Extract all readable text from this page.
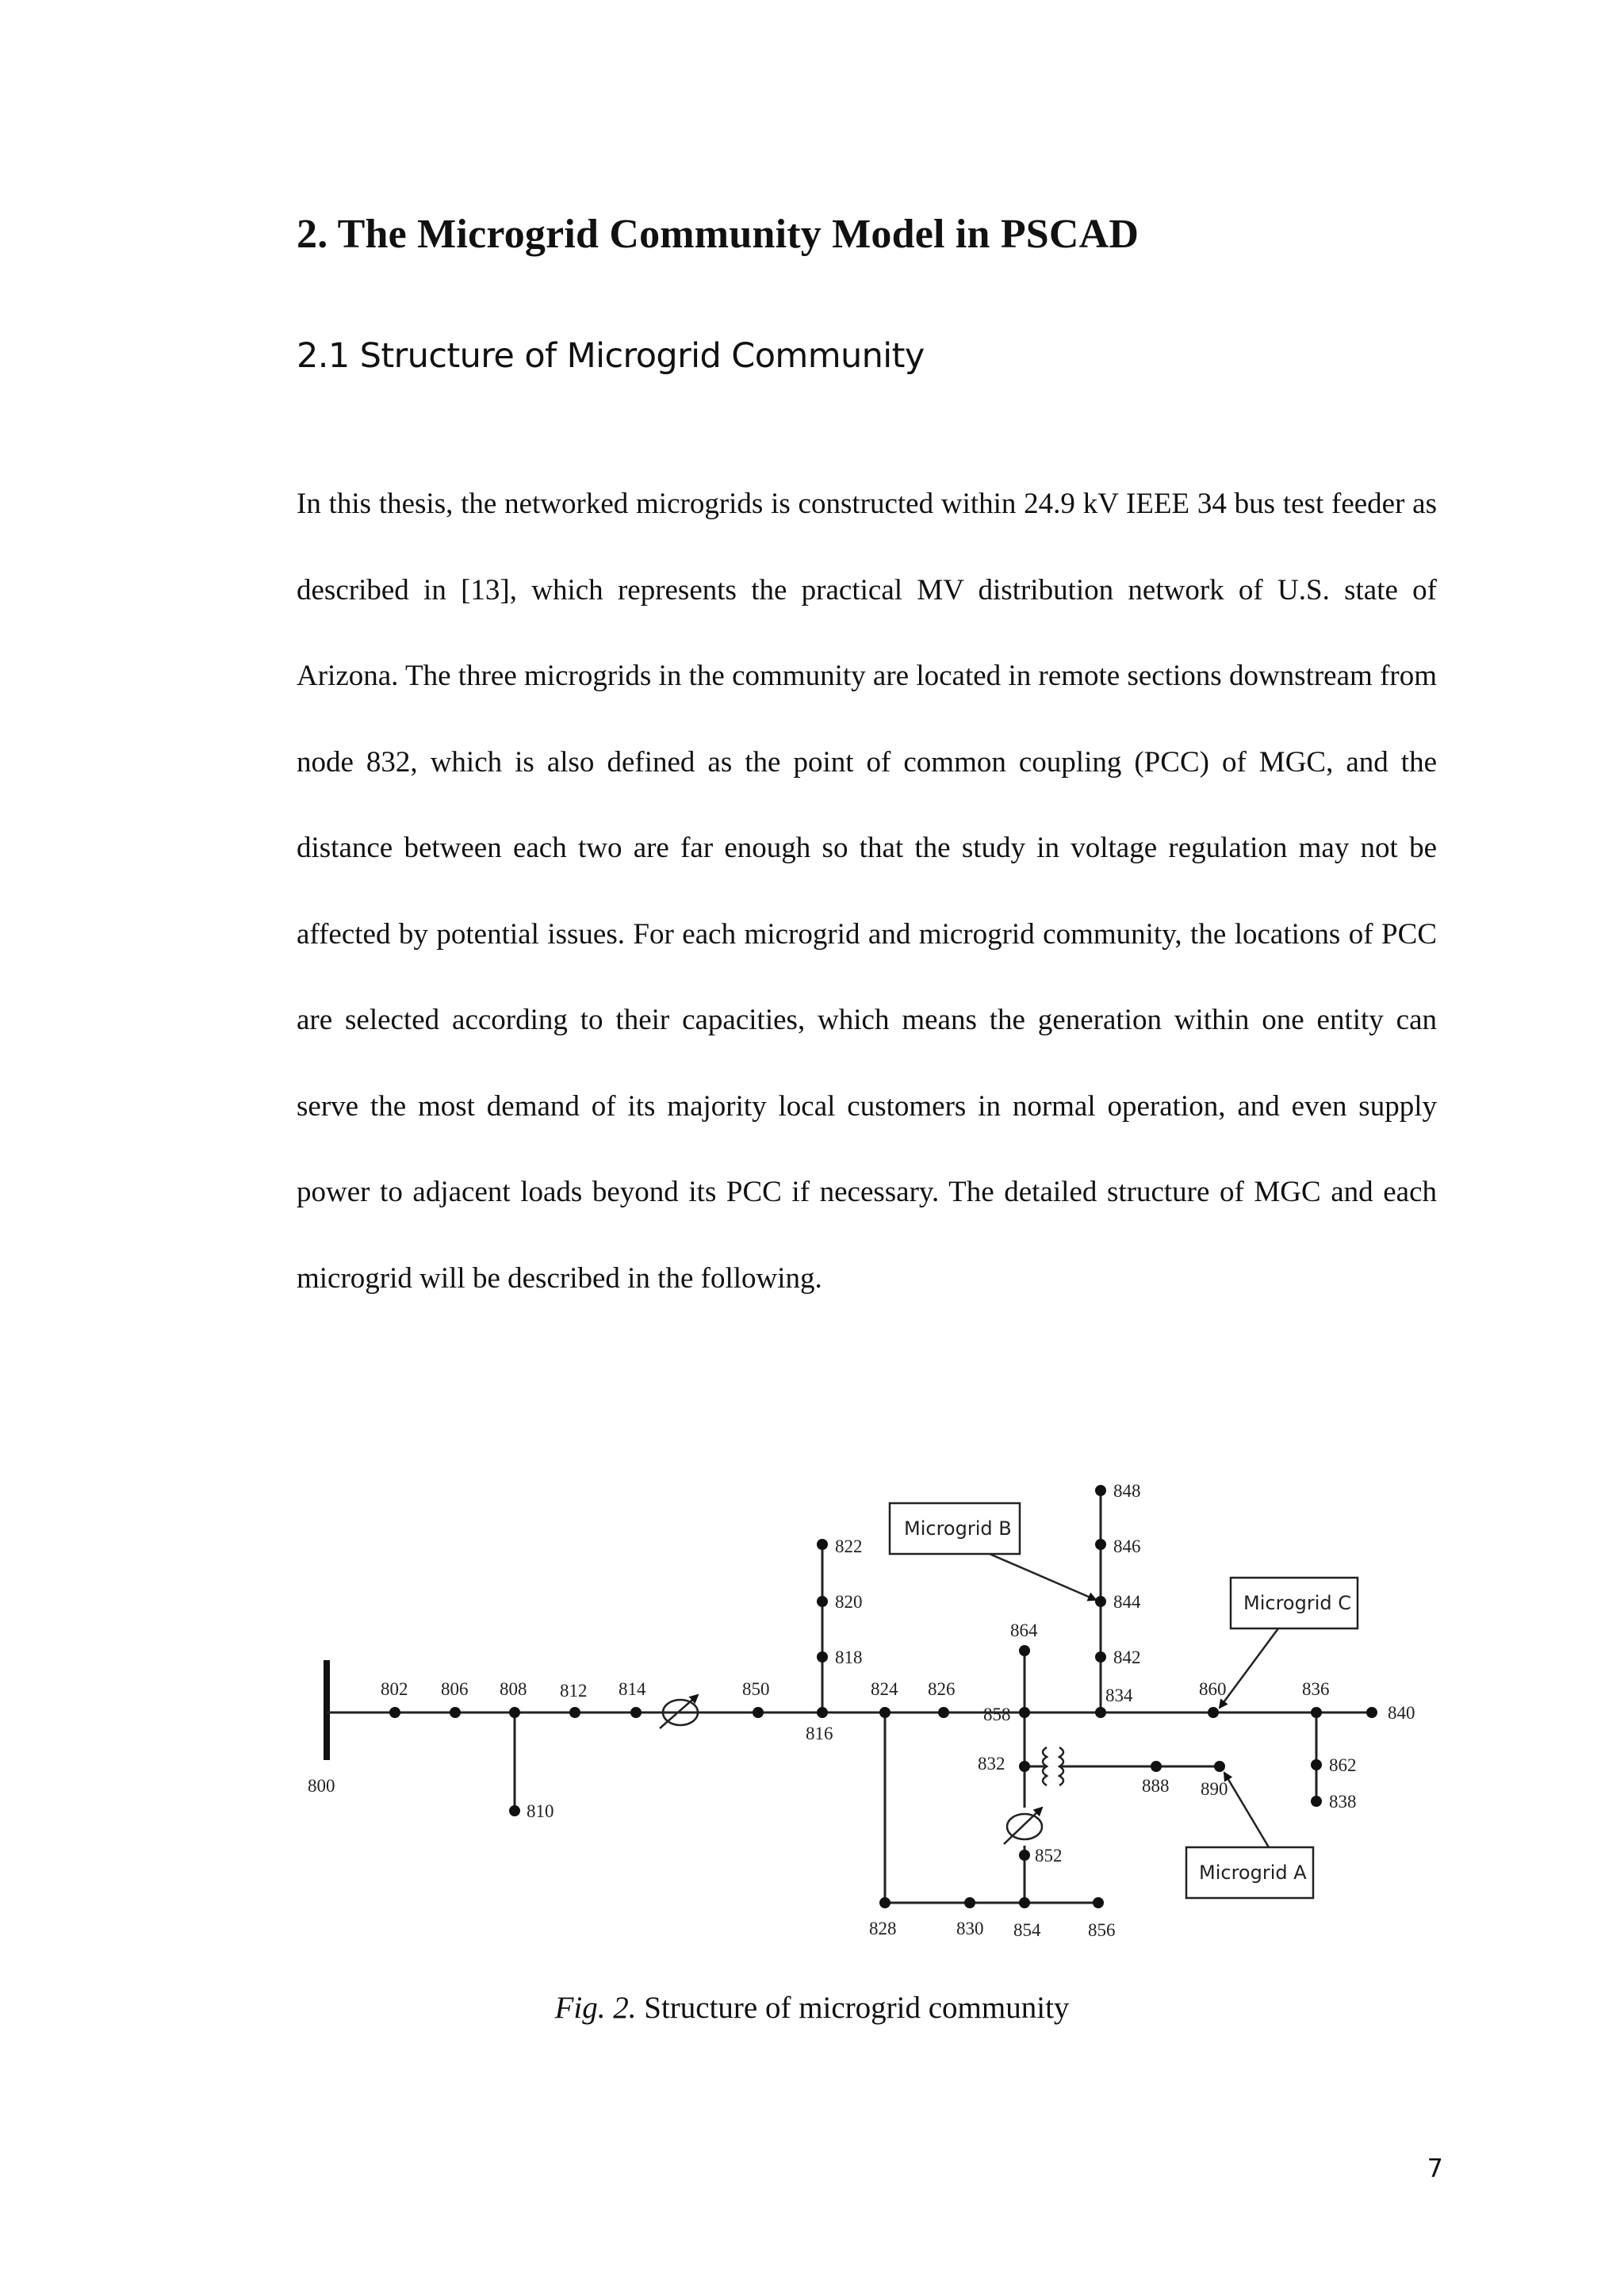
2. The Microgrid Community Model in PSCAD
2.1 Structure of Microgrid Community

In this thesis, the networked microgrids is constructed within 24.9 kV IEEE 34 bus test feeder as described in [13], which represents the practical MV distribution network of U.S. state of Arizona. The three microgrids in the community are located in remote sections downstream from node 832, which is also defined as the point of common coupling (PCC) of MGC, and the distance between each two are far enough so that the study in voltage regulation may not be affected by potential issues. For each microgrid and microgrid community, the locations of PCC are selected according to their capacities, which means the generation within one entity can serve the most demand of its majority local customers in normal operation, and even supply power to adjacent loads beyond its PCC if necessary. The detailed structure of MGC and each microgrid will be described in the following.

800
802 806 808
810
812 814	850
816
818
820
822
824 826
828	830 854	856
852
832
858
864
834
842
844
846
848
860	836
840
862
838
888 890
Microgrid B
Microgrid C
Microgrid A

Fig. 2. Structure of microgrid community

7
